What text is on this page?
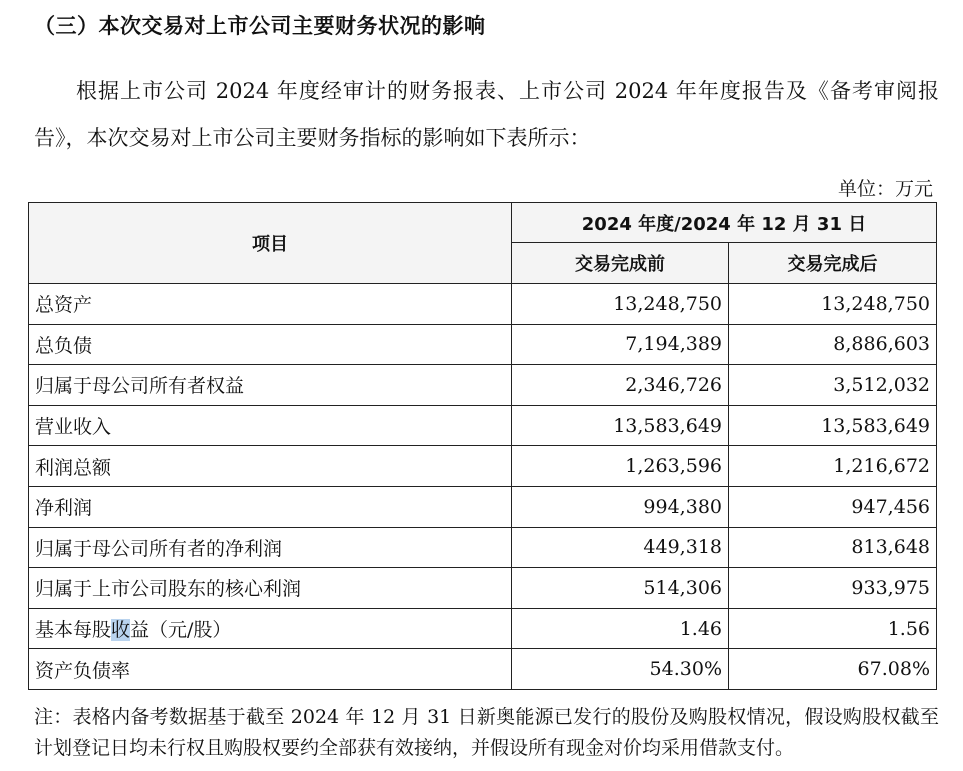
（三）本次交易对上市公司主要财务状况的影响
根据上市公司 2024 年度经审计的财务报表、上市公司 2024 年年度报告及《备考审阅报告》，本次交易对上市公司主要财务指标的影响如下表所示：
单位：万元
项目	2024 年度/2024 年 12 月 31 日	
	交易完成前	交易完成后
总资产	13,248,750	13,248,750
总负债	7,194,389	8,886,603
归属于母公司所有者权益	2,346,726	3,512,032
营业收入	13,583,649	13,583,649
利润总额	1,263,596	1,216,672
净利润	994,380	947,456
归属于母公司所有者的净利润	449,318	813,648
归属于上市公司股东的核心利润	514,306	933,975
基本每股收益（元/股）	1.46	1.56
资产负债率	54.30%	67.08%
注：表格内备考数据基于截至 2024 年 12 月 31 日新奥能源已发行的股份及购股权情况，假设购股权截至计划登记日均未行权且购股权要约全部获有效接纳，并假设所有现金对价均采用借款支付。
